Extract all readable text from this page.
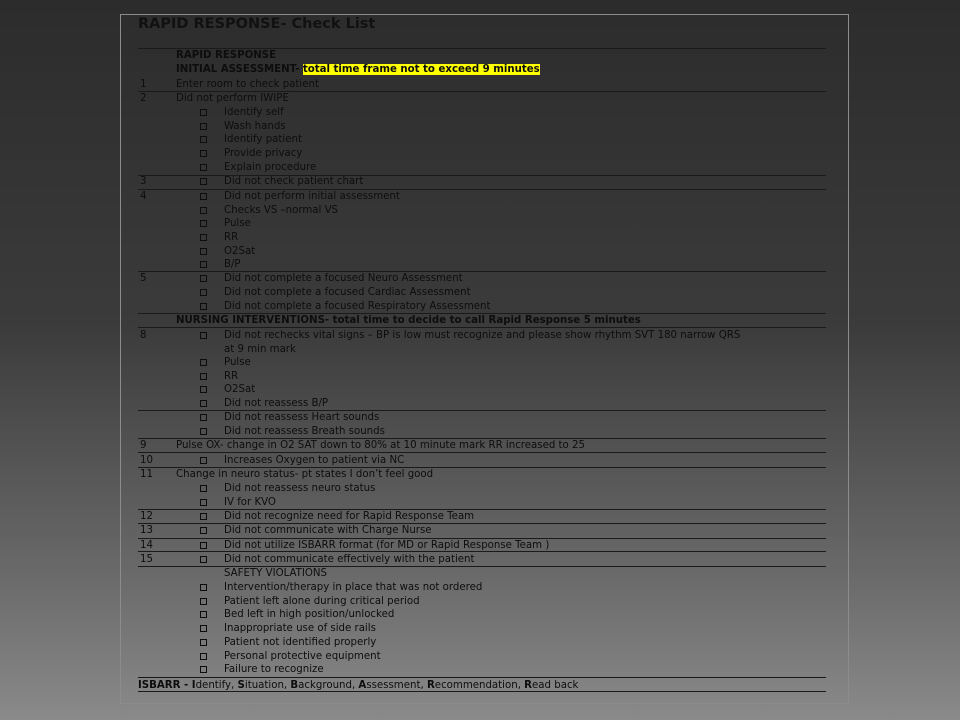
RAPID RESPONSE- Check List
RAPID RESPONSE
INITIAL ASSESSMENT- total time frame not to exceed 9 minutes
1	Enter room to check patient
2	Did not perform IWIPE
Identify self
Wash hands
Identify patient
Provide privacy
Explain procedure
3	Did not check patient chart
4	Did not perform initial assessment
Checks VS –normal VS
Pulse
RR
O2Sat
B/P
5	Did not complete a focused Neuro Assessment
Did not complete a focused Cardiac Assessment
Did not complete a focused Respiratory Assessment
NURSING INTERVENTIONS- total time to decide to call Rapid Response 5 minutes
8	Did not rechecks vital signs – BP is low must recognize and please show rhythm SVT 180 narrow QRS
at 9 min mark
Pulse
RR
O2Sat
Did not reassess B/P
Did not reassess Heart sounds
Did not reassess Breath sounds
9	Pulse OX- change in O2 SAT down to 80% at 10 minute mark RR increased to 25
10	Increases Oxygen to patient via NC
11 Change in neuro status- pt states I don’t feel good
Did not reassess neuro status
IV for KVO
12	Did not recognize need for Rapid Response Team
13	Did not communicate with Charge Nurse
14	Did not utilize ISBARR format (for MD or Rapid Response Team )
15	Did not communicate effectively with the patient
SAFETY VIOLATIONS
Intervention/therapy in place that was not ordered
Patient left alone during critical period
Bed left in high position/unlocked
Inappropriate use of side rails
Patient not identified properly
Personal protective equipment
Failure to recognize
ISBARR - Identify, Situation, Background, Assessment, Recommendation, Read back
